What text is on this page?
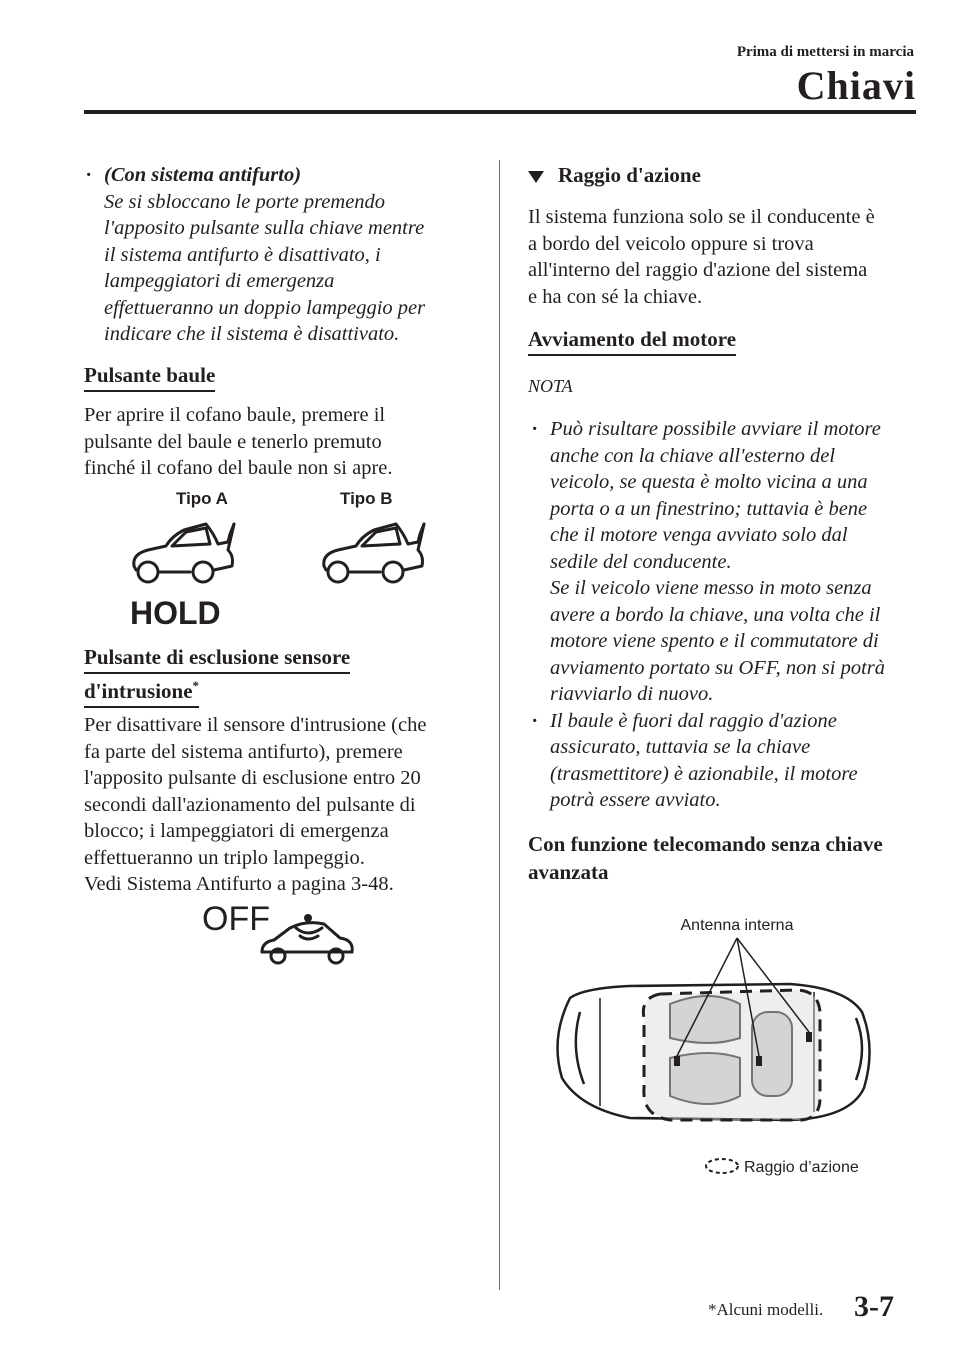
Prima di mettersi in marcia
Chiavi
· (Con sistema antifurto)
Se si sbloccano le porte premendo
l'apposito pulsante sulla chiave mentre
il sistema antifurto è disattivato, i
lampeggiatori di emergenza
effettueranno un doppio lampeggio per
indicare che il sistema è disattivato.
Pulsante baule
Per aprire il cofano baule, premere il
pulsante del baule e tenerlo premuto
finché il cofano del baule non si apre.
Tipo A	Tipo B
HOLD
Pulsante di esclusione sensore
d'intrusione*
Per disattivare il sensore d'intrusione (che
fa parte del sistema antifurto), premere
l'apposito pulsante di esclusione entro 20
secondi dall'azionamento del pulsante di
blocco; i lampeggiatori di emergenza
effettueranno un triplo lampeggio.
Vedi Sistema Antifurto a pagina 3-48.
OFF
Raggio d'azione
Il sistema funziona solo se il conducente è
a bordo del veicolo oppure si trova
all'interno del raggio d'azione del sistema
e ha con sé la chiave.
Avviamento del motore
NOTA
· Può risultare possibile avviare il motore
anche con la chiave all'esterno del
veicolo, se questa è molto vicina a una
porta o a un finestrino; tuttavia è bene
che il motore venga avviato solo dal
sedile del conducente.
Se il veicolo viene messo in moto senza
avere a bordo la chiave, una volta che il
motore viene spento e il commutatore di
avviamento portato su OFF, non si potrà
riavviarlo di nuovo.
· Il baule è fuori dal raggio d'azione
assicurato, tuttavia se la chiave
(trasmettitore) è azionabile, il motore
potrà essere avviato.
Con funzione telecomando senza chiave
avanzata
Antenna interna
Raggio d’azione
*Alcuni modelli. 3-7
